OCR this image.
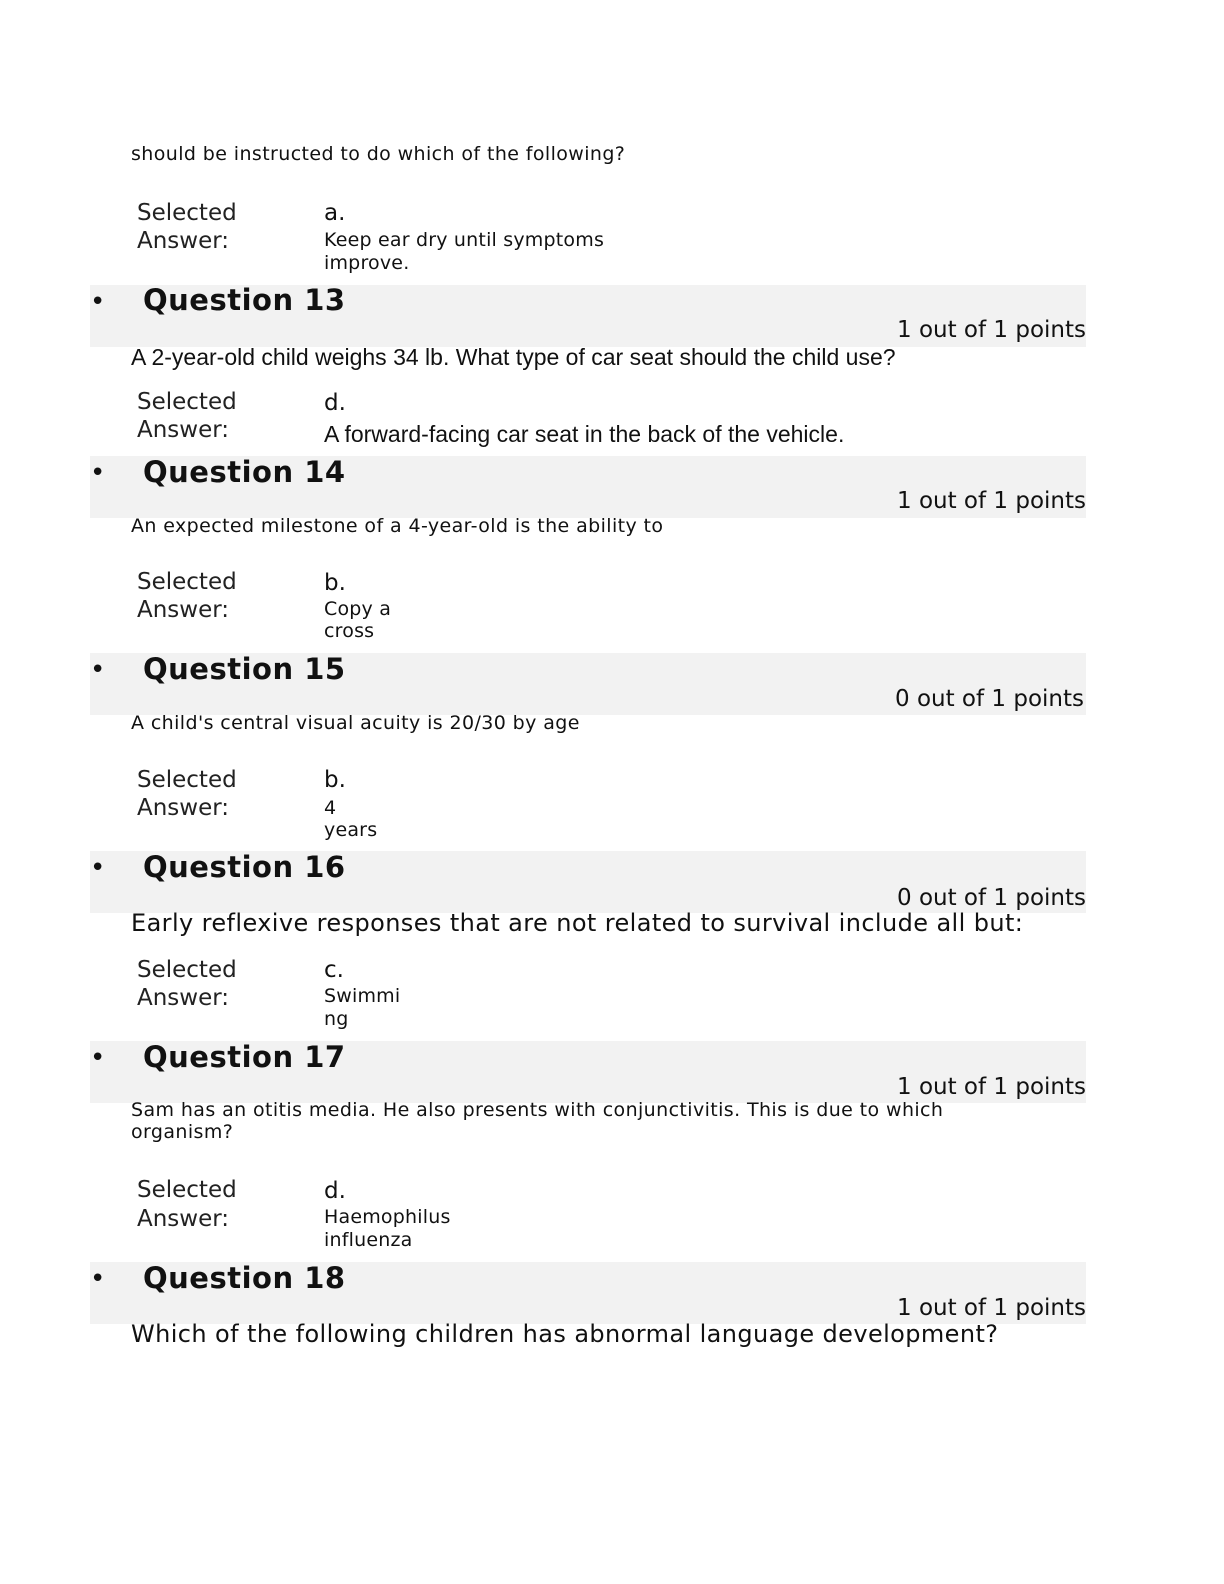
should be instructed to do which of the following?
Selected
Answer:
a.
Keep ear dry until symptoms
improve.
• Question 13
1 out of 1 points
A 2-year-old child weighs 34 lb. What type of car seat should the child use?
Selected
Answer:
d.
A forward-facing car seat in the back of the vehicle.
• Question 14
1 out of 1 points
An expected milestone of a 4-year-old is the ability to
Selected
Answer:
b.
Copy a
cross
• Question 15
0 out of 1 points
A child's central visual acuity is 20/30 by age
Selected
Answer:
b.
4
years
• Question 16
0 out of 1 points
Early reflexive responses that are not related to survival include all but:
Selected
Answer:
c.
Swimmi
ng
• Question 17
1 out of 1 points
Sam has an otitis media. He also presents with conjunctivitis. This is due to which
organism?
Selected
Answer:
d.
Haemophilus
influenza
• Question 18
1 out of 1 points
Which of the following children has abnormal language development?
